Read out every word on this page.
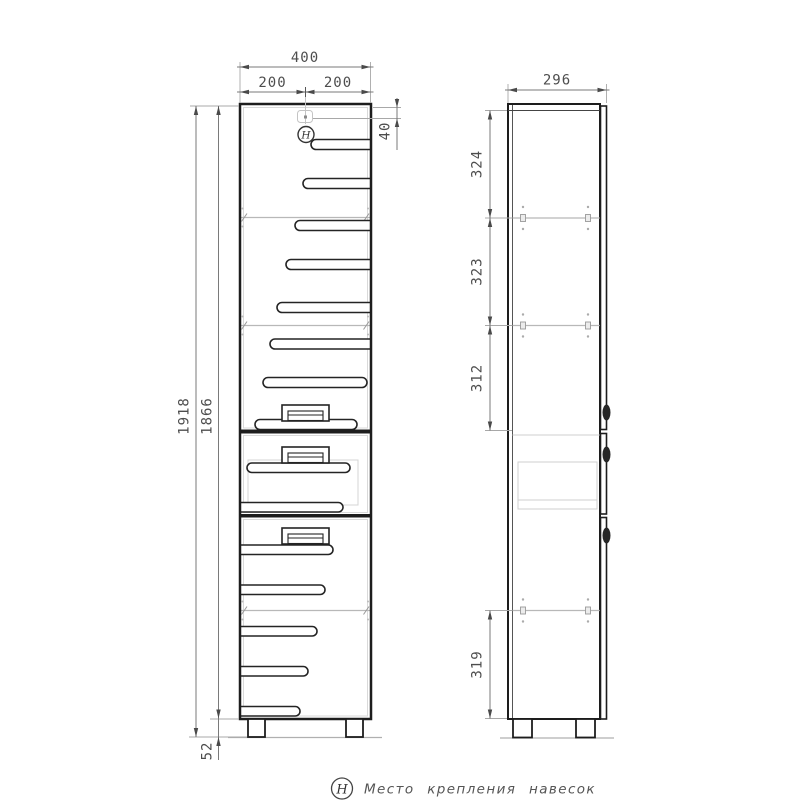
Н
400
200	200
40
1918 1866
52
296
324
323
312
319
Н Место крепления навесок
